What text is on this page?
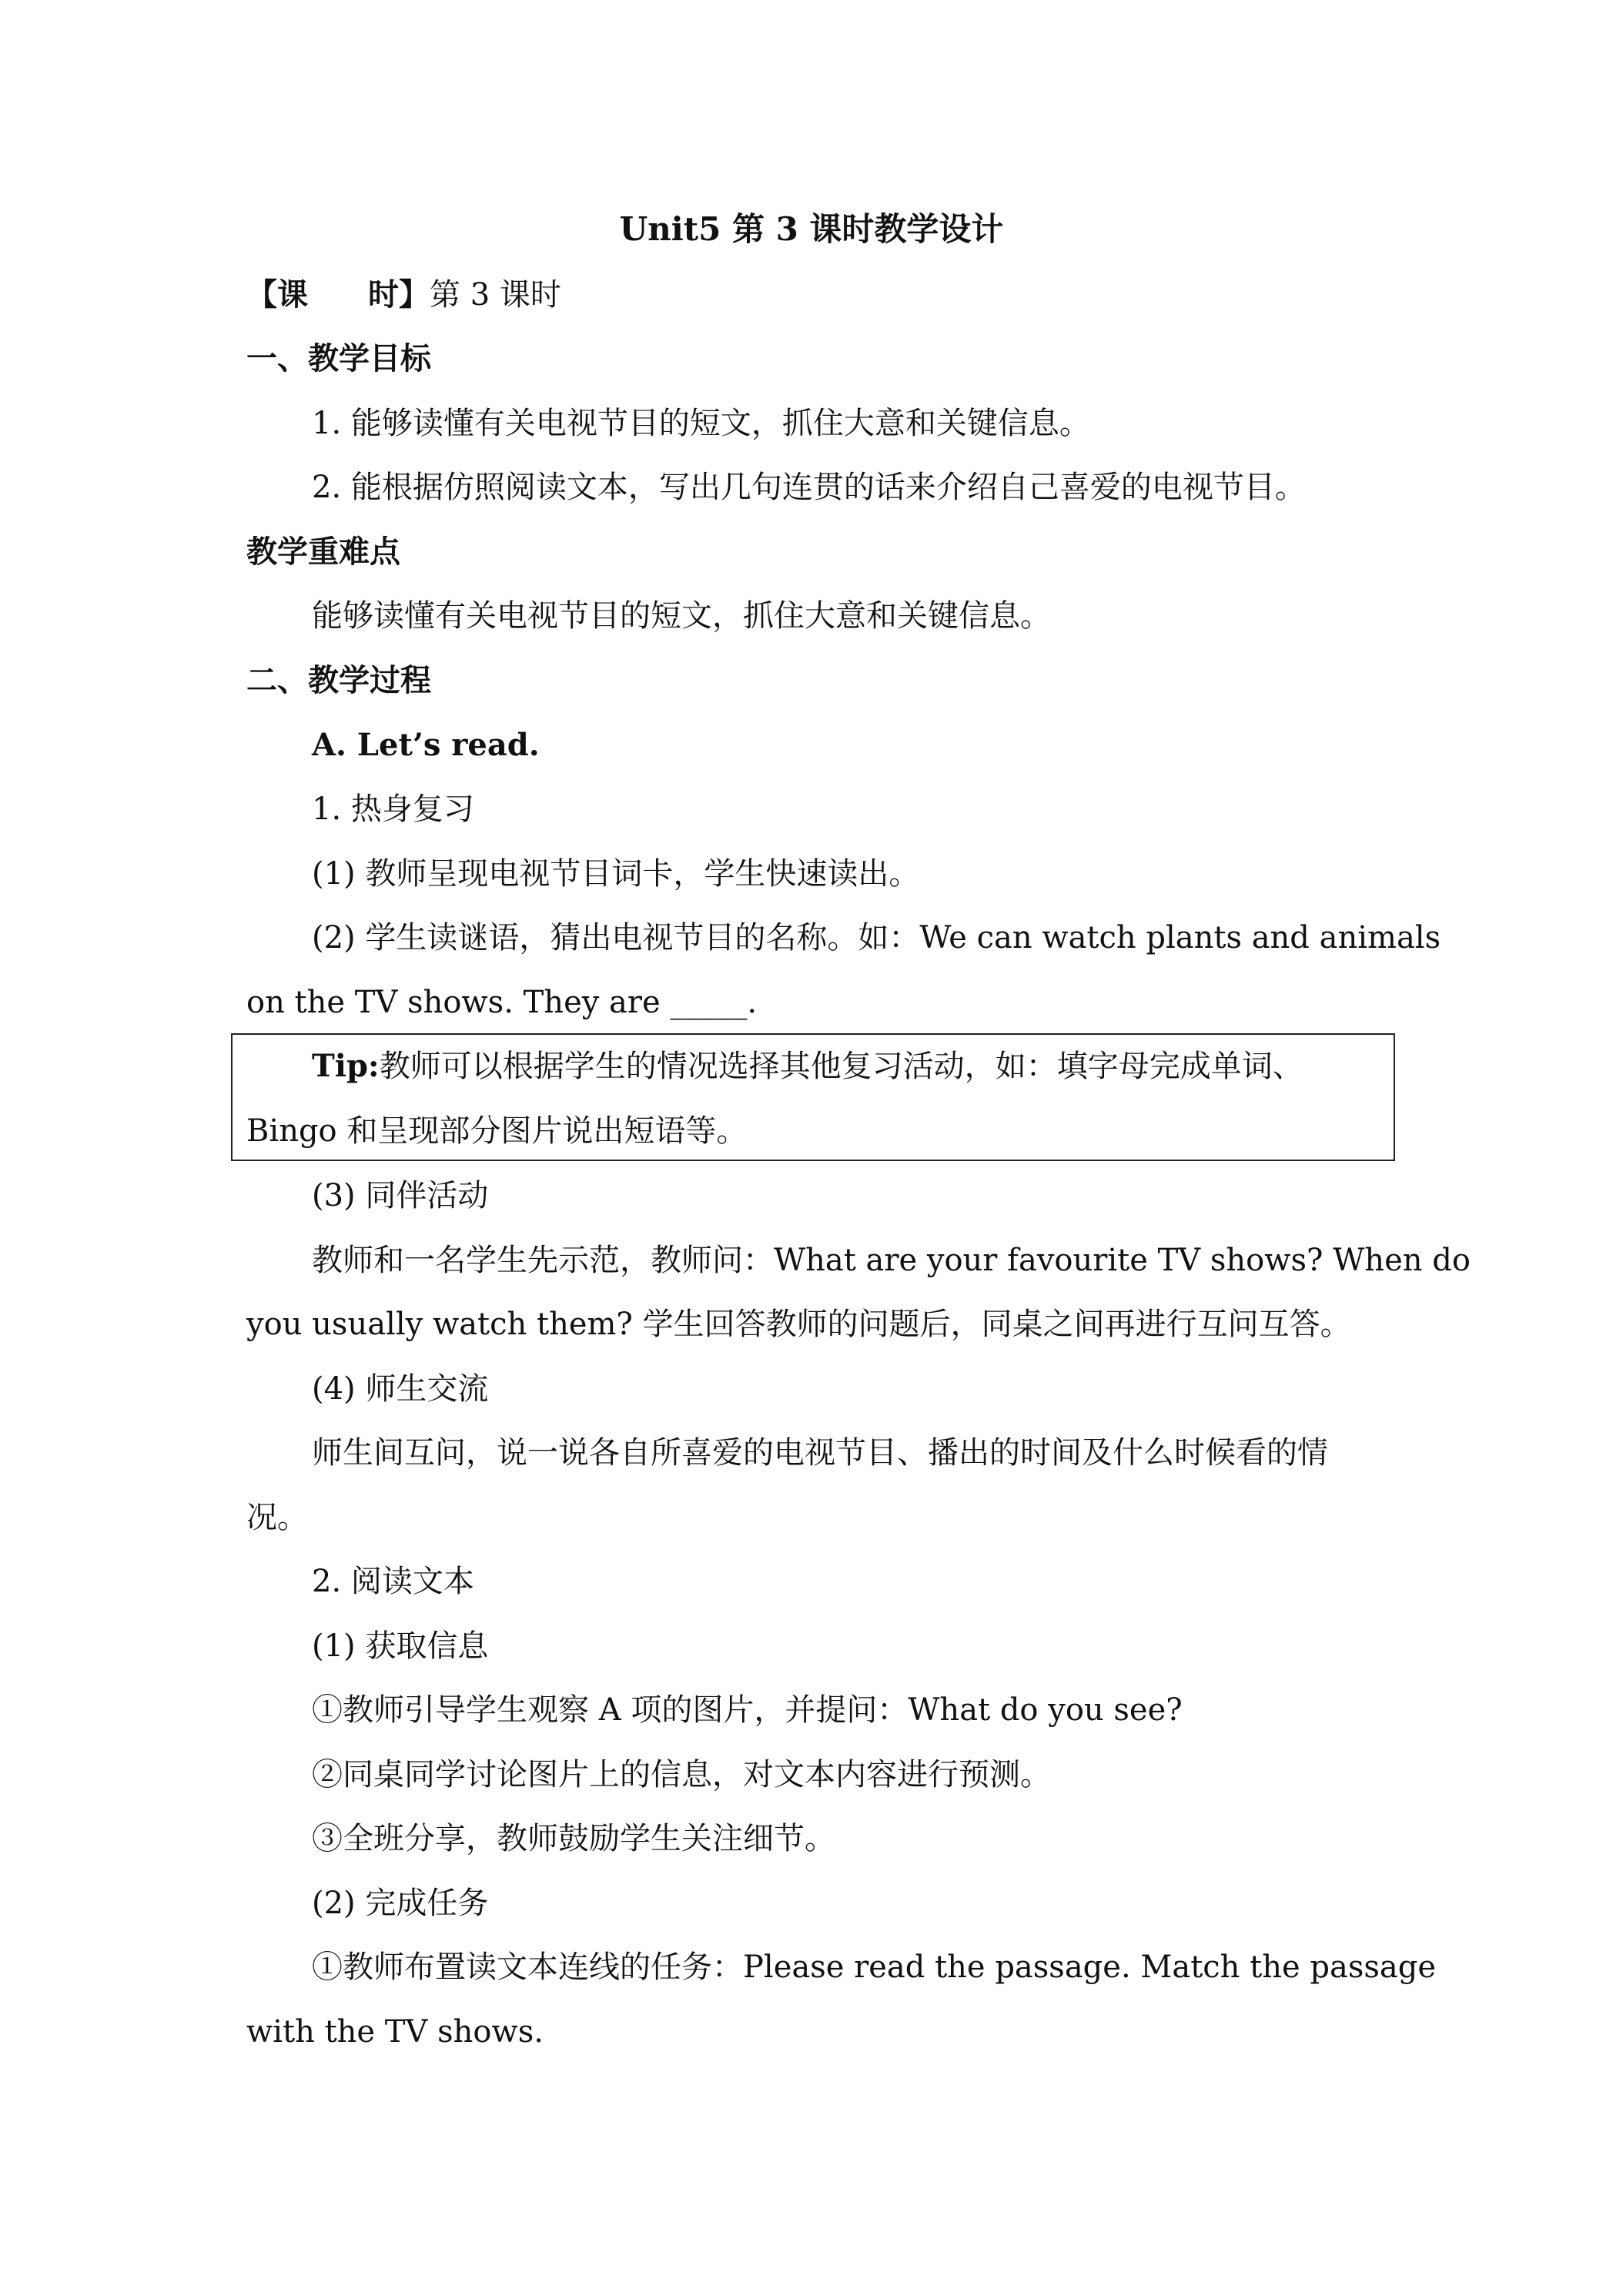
Unit5 第 3 课时教学设计
【课 时】第 3 课时
一、教学目标
1. 能够读懂有关电视节目的短文，抓住大意和关键信息。
2. 能根据仿照阅读文本，写出几句连贯的话来介绍自己喜爱的电视节目。
教学重难点
能够读懂有关电视节目的短文，抓住大意和关键信息。
二、教学过程
A. Let’s read.
1. 热身复习
(1) 教师呈现电视节目词卡，学生快速读出。
(2) 学生读谜语，猜出电视节目的名称。如：We can watch plants and animals
on the TV shows. They are _____.
Tip:教师可以根据学生的情况选择其他复习活动，如：填字母完成单词、
Bingo 和呈现部分图片说出短语等。
(3) 同伴活动
教师和一名学生先示范，教师问：What are your favourite TV shows? When do
you usually watch them? 学生回答教师的问题后，同桌之间再进行互问互答。
(4) 师生交流
师生间互问，说一说各自所喜爱的电视节目、播出的时间及什么时候看的情
况。
2. 阅读文本
(1) 获取信息
①教师引导学生观察 A 项的图片，并提问：What do you see?
②同桌同学讨论图片上的信息，对文本内容进行预测。
③全班分享，教师鼓励学生关注细节。
(2) 完成任务
①教师布置读文本连线的任务：Please read the passage. Match the passage
with the TV shows.
